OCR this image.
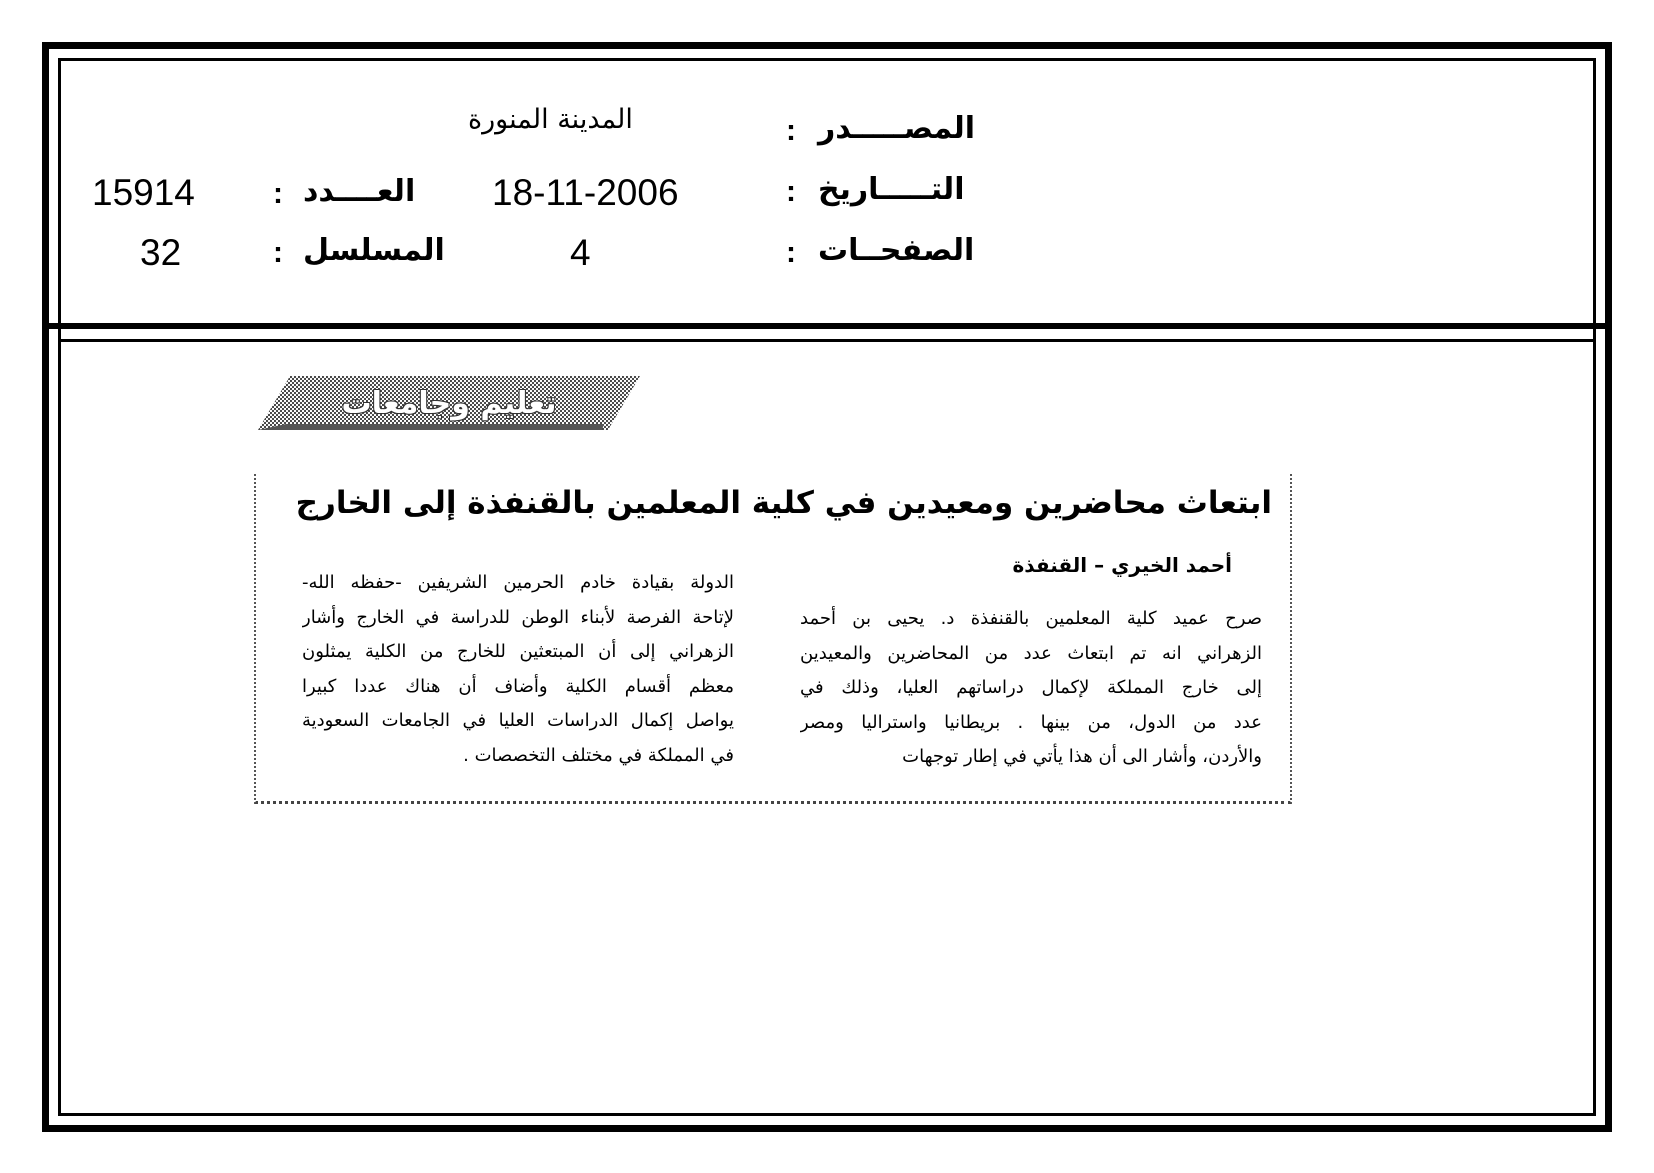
المصـــــدر
:
المدينة المنورة
التـــــاريخ
:
18-11-2006
العــــدد
:
15914
الصفحــات
:
4
المسلسل
:
32
تعليم وجامعات
ابتعاث محاضرين ومعيدين في كلية المعلمين بالقنفذة إلى الخارج
أحمد الخيري – القنفذة
صرح عميد كلية المعلمين بالقنفذة د. يحيى بن أحمد
الزهراني انه تم ابتعاث عدد من المحاضرين والمعيدين
إلى خارج المملكة لإكمال دراساتهم العليا، وذلك في
عدد من الدول، من بينها . بريطانيا واستراليا ومصر
والأردن، وأشار الى أن هذا يأتي في إطار توجهات
الدولة بقيادة خادم الحرمين الشريفين -حفظه الله-
لإتاحة الفرصة لأبناء الوطن للدراسة في الخارج وأشار
الزهراني إلى أن المبتعثين للخارج من الكلية يمثلون
معظم أقسام الكلية وأضاف أن هناك عددا كبيرا
يواصل إكمال الدراسات العليا في الجامعات السعودية
في المملكة في مختلف التخصصات .
